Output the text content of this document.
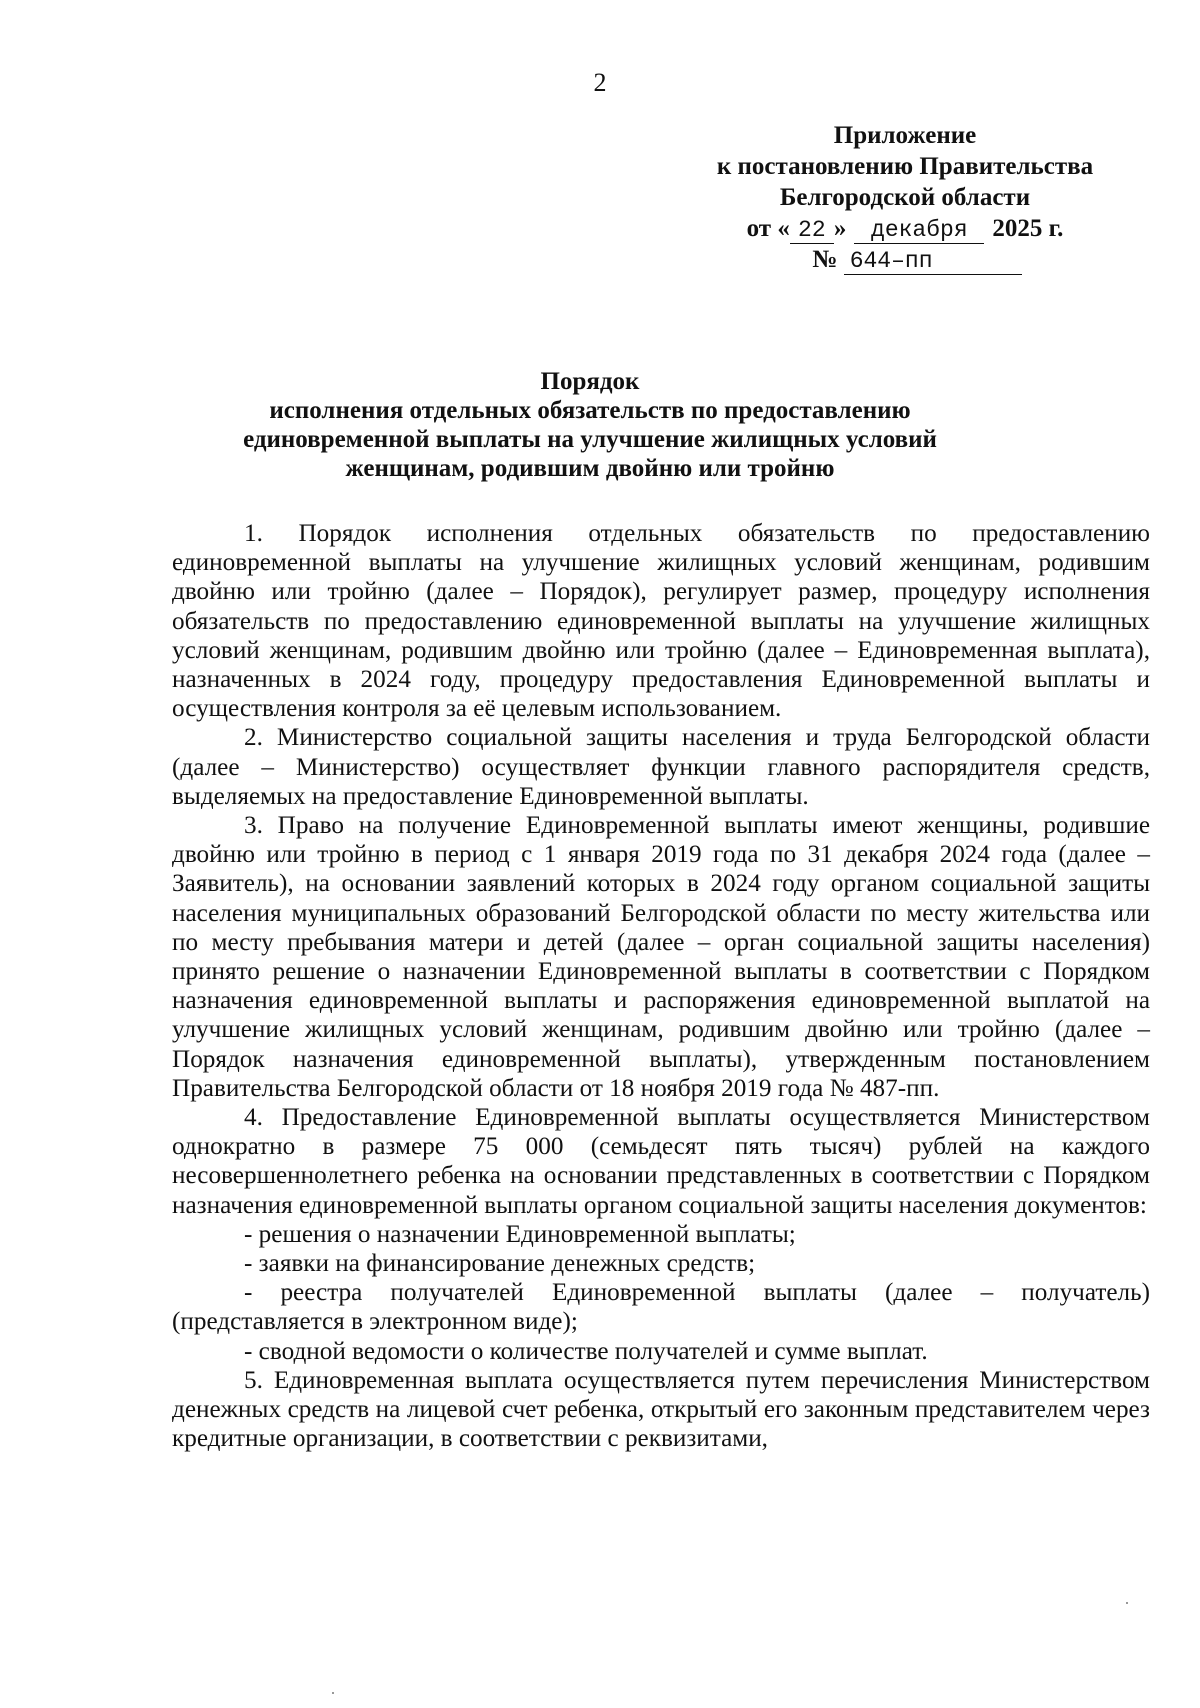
2
Приложение
к постановлению Правительства
Белгородской области
от « 22 » декабря 2025 г.
№ 644–пп
Порядок
исполнения отдельных обязательств по предоставлению
единовременной выплаты на улучшение жилищных условий
женщинам, родившим двойню или тройню

1. Порядок исполнения отдельных обязательств по предоставлению единовременной выплаты на улучшение жилищных условий женщинам, родившим двойню или тройню (далее – Порядок), регулирует размер, процедуру исполнения обязательств по предоставлению единовременной выплаты на улучшение жилищных условий женщинам, родившим двойню или тройню (далее – Единовременная выплата), назначенных в 2024 году, процедуру предоставления Единовременной выплаты и осуществления контроля за её целевым использованием.

2. Министерство социальной защиты населения и труда Белгородской области (далее – Министерство) осуществляет функции главного распорядителя средств, выделяемых на предоставление Единовременной выплаты.

3. Право на получение Единовременной выплаты имеют женщины, родившие двойню или тройню в период с 1 января 2019 года по 31 декабря 2024 года (далее – Заявитель), на основании заявлений которых в 2024 году органом социальной защиты населения муниципальных образований Белгородской области по месту жительства или по месту пребывания матери и детей (далее – орган социальной защиты населения) принято решение о назначении Единовременной выплаты в соответствии с Порядком назначения единовременной выплаты и распоряжения единовременной выплатой на улучшение жилищных условий женщинам, родившим двойню или тройню (далее – Порядок назначения единовременной выплаты), утвержденным постановлением Правительства Белгородской области от 18 ноября 2019 года № 487-пп.

4. Предоставление Единовременной выплаты осуществляется Министерством однократно в размере 75 000 (семьдесят пять тысяч) рублей на каждого несовершеннолетнего ребенка на основании представленных в соответствии с Порядком назначения единовременной выплаты органом социальной защиты населения документов:

- решения о назначении Единовременной выплаты;

- заявки на финансирование денежных средств;

- реестра получателей Единовременной выплаты (далее – получатель) (представляется в электронном виде);

- сводной ведомости о количестве получателей и сумме выплат.

5. Единовременная выплата осуществляется путем перечисления Министерством денежных средств на лицевой счет ребенка, открытый его законным представителем через кредитные организации, в соответствии с реквизитами,
